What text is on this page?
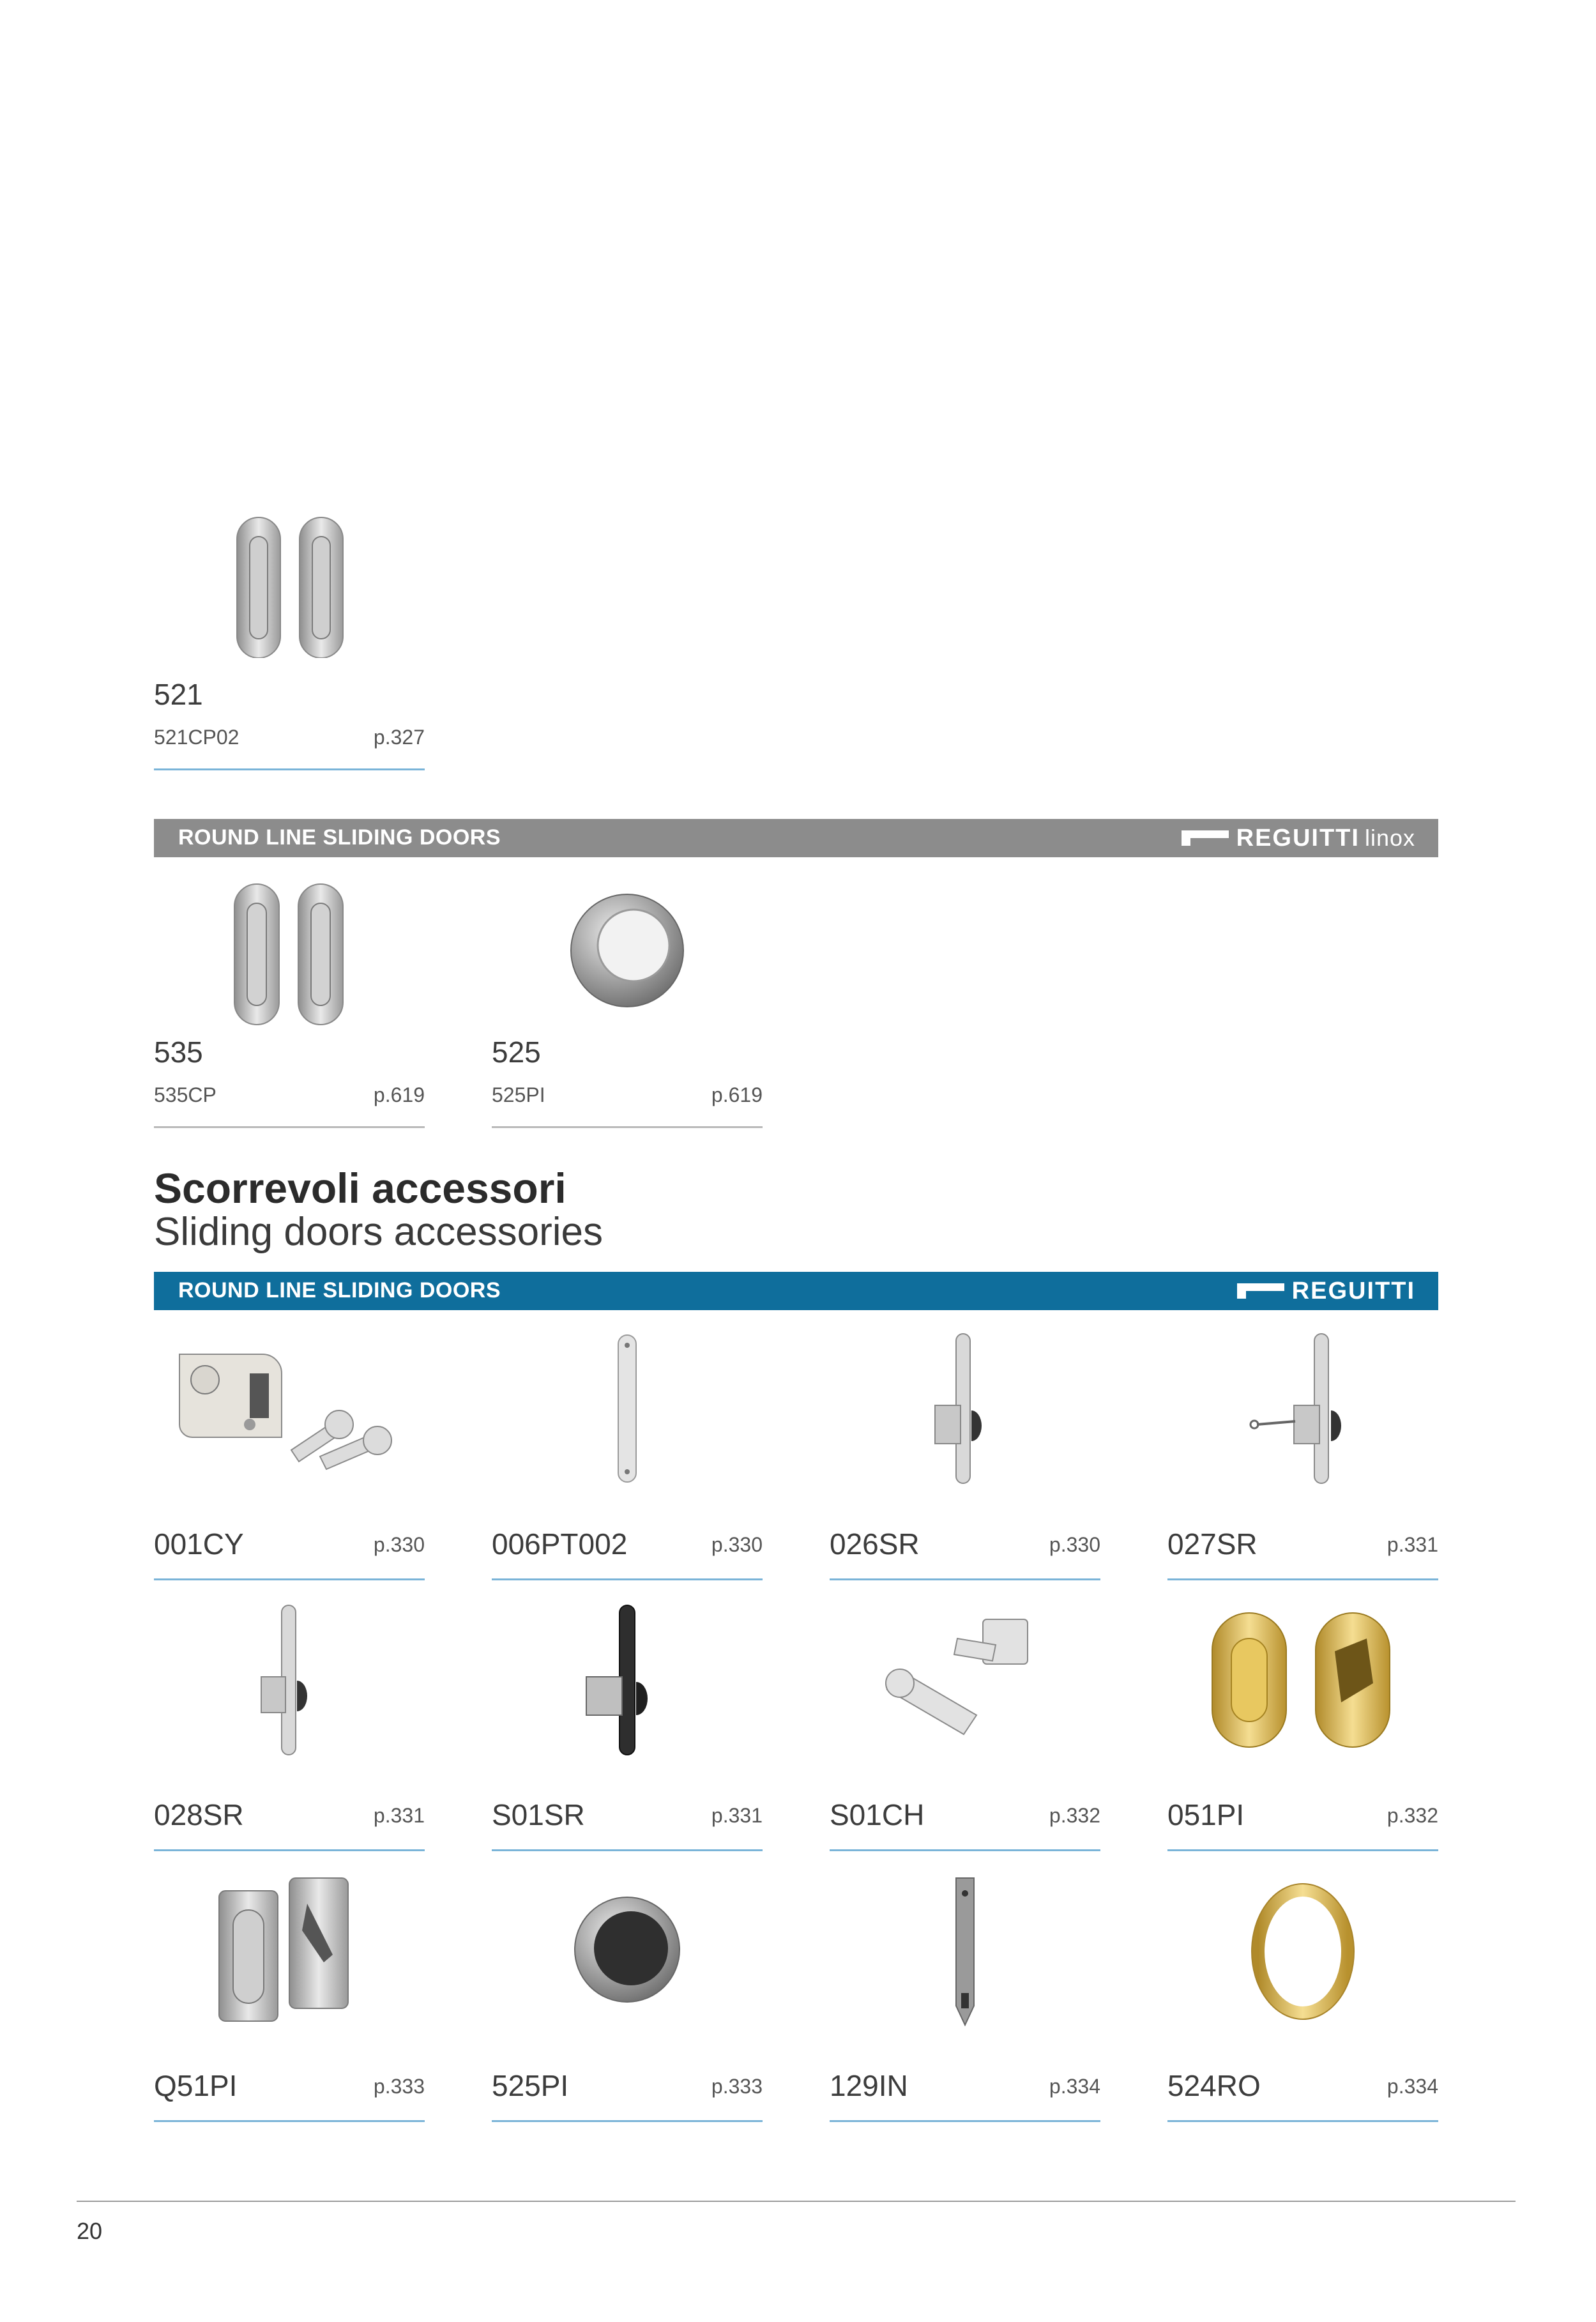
521
521CP02	p.327
ROUND LINE SLIDING DOORS	REGUITTI linox
535
535CP	p.619
525
525PI	p.619
Scorrevoli accessori
Sliding doors accessories
ROUND LINE SLIDING DOORS	REGUITTI
001CY	p.330 006PT002	p.330 026SR	p.330 027SR	p.331
028SR	p.331 S01SR	p.331 S01CH	p.332 051PI	p.332
Q51PI	p.333 525PI	p.333 129IN	p.334 524RO	p.334
20
